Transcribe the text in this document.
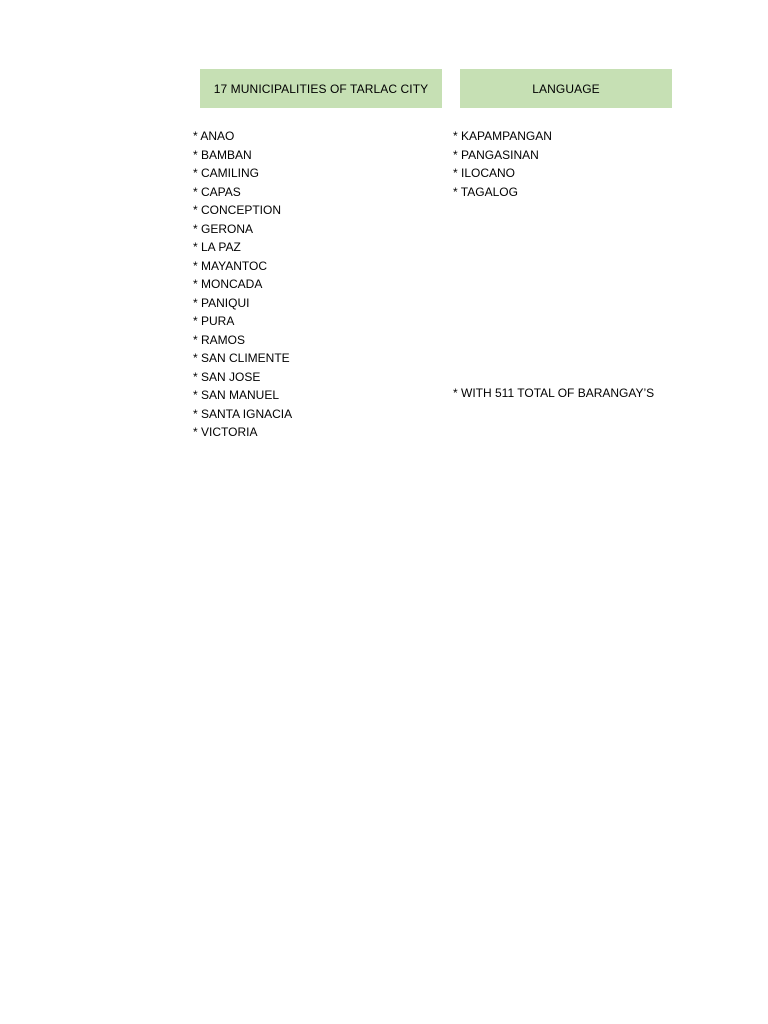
17 MUNICIPALITIES OF TARLAC CITY	LANGUAGE
* ANAO
* BAMBAN
* CAMILING
* CAPAS
* CONCEPTION
* GERONA
* LA PAZ
* MAYANTOC
* MONCADA
* PANIQUI
* PURA
* RAMOS
* SAN CLIMENTE
* SAN JOSE
* SAN MANUEL
* SANTA IGNACIA
* VICTORIA
* KAPAMPANGAN
* PANGASINAN
* ILOCANO
* TAGALOG
* WITH 511 TOTAL OF BARANGAY’S
